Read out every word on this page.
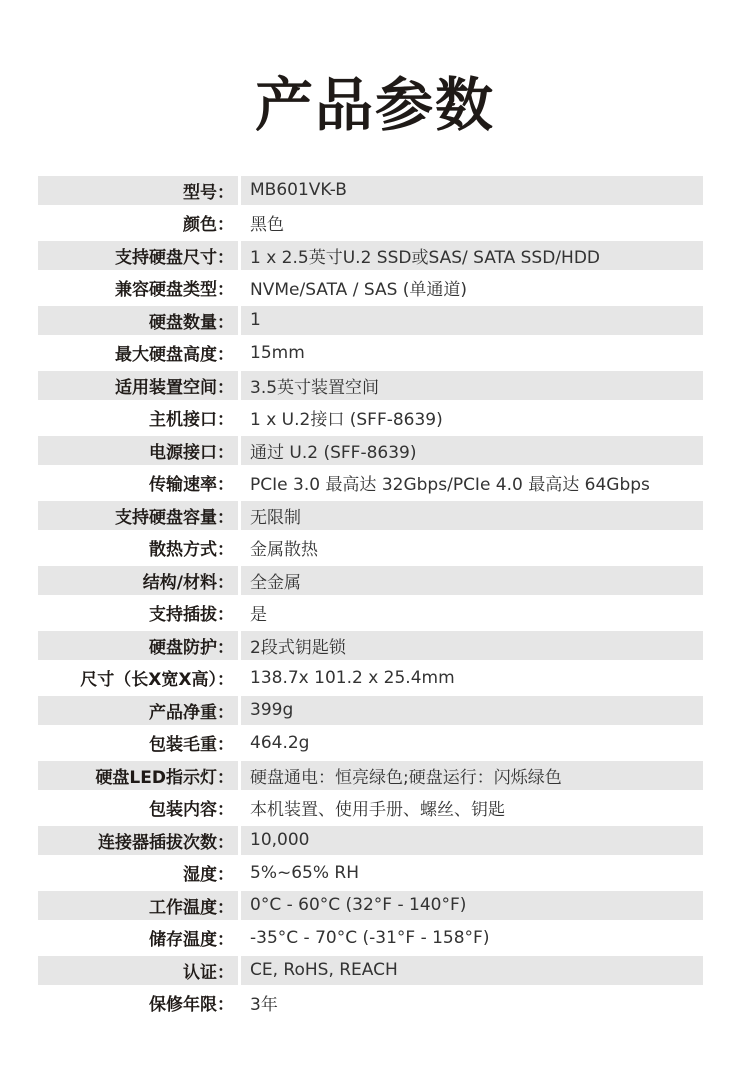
产品参数
型号： MB601VK-B
颜色： 黑色
支持硬盘尺寸： 1 x 2.5英寸U.2 SSD或SAS/ SATA SSD/HDD
兼容硬盘类型： NVMe/SATA / SAS (单通道)
硬盘数量： 1
最大硬盘高度： 15mm
适用装置空间： 3.5英寸装置空间
主机接口： 1 x U.2接口 (SFF-8639)
电源接口： 通过 U.2 (SFF-8639)
传输速率： PCIe 3.0 最高达 32Gbps/PCIe 4.0 最高达 64Gbps
支持硬盘容量： 无限制
散热方式： 金属散热
结构/材料： 全金属
支持插拔： 是
硬盘防护： 2段式钥匙锁
尺寸（长X宽X高）： 138.7x 101.2 x 25.4mm
产品净重： 399g
包装毛重： 464.2g
硬盘LED指示灯： 硬盘通电：恒亮绿色;硬盘运行：闪烁绿色
包装内容： 本机装置、使用手册、螺丝、钥匙
连接器插拔次数： 10,000
湿度： 5%~65% RH
工作温度： 0°C - 60°C (32°F - 140°F)
储存温度： -35°C - 70°C (-31°F - 158°F)
认证： CE, RoHS, REACH
保修年限： 3年
